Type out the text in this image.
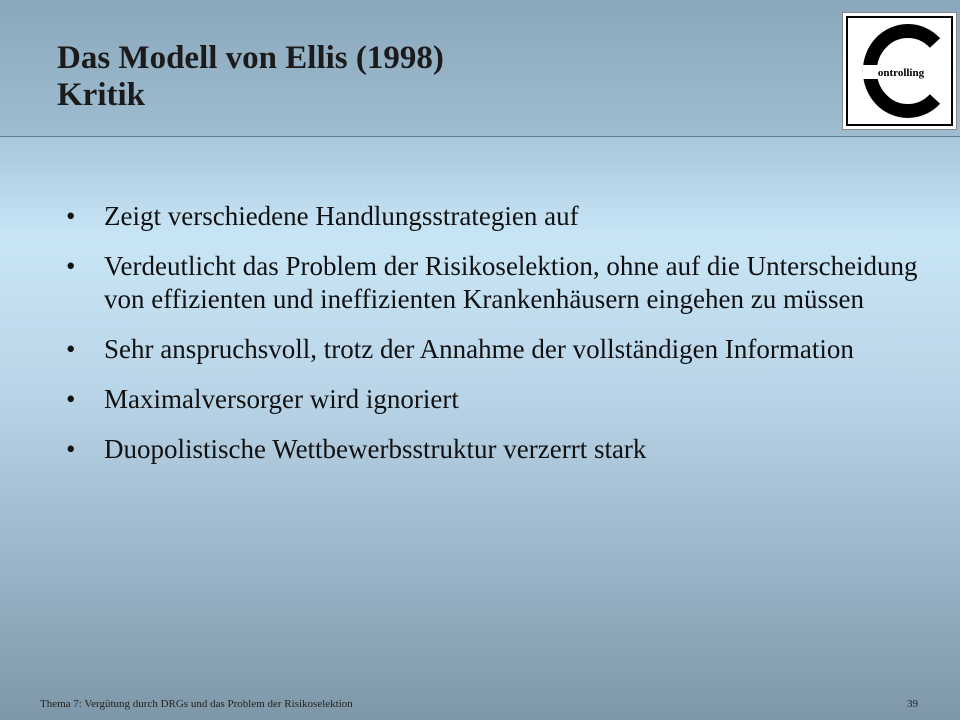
Das Modell von Ellis (1998)
Kritik
ontrolling
• Zeigt verschiedene Handlungsstrategien auf
• Verdeutlicht das Problem der Risikoselektion, ohne auf die Unterscheidung von effizienten und ineffizienten Krankenhäusern eingehen zu müssen
• Sehr anspruchsvoll, trotz der Annahme der vollständigen Information
• Maximalversorger wird ignoriert
• Duopolistische Wettbewerbsstruktur verzerrt stark
Thema 7: Vergütung durch DRGs und das Problem der Risikoselektion	39
